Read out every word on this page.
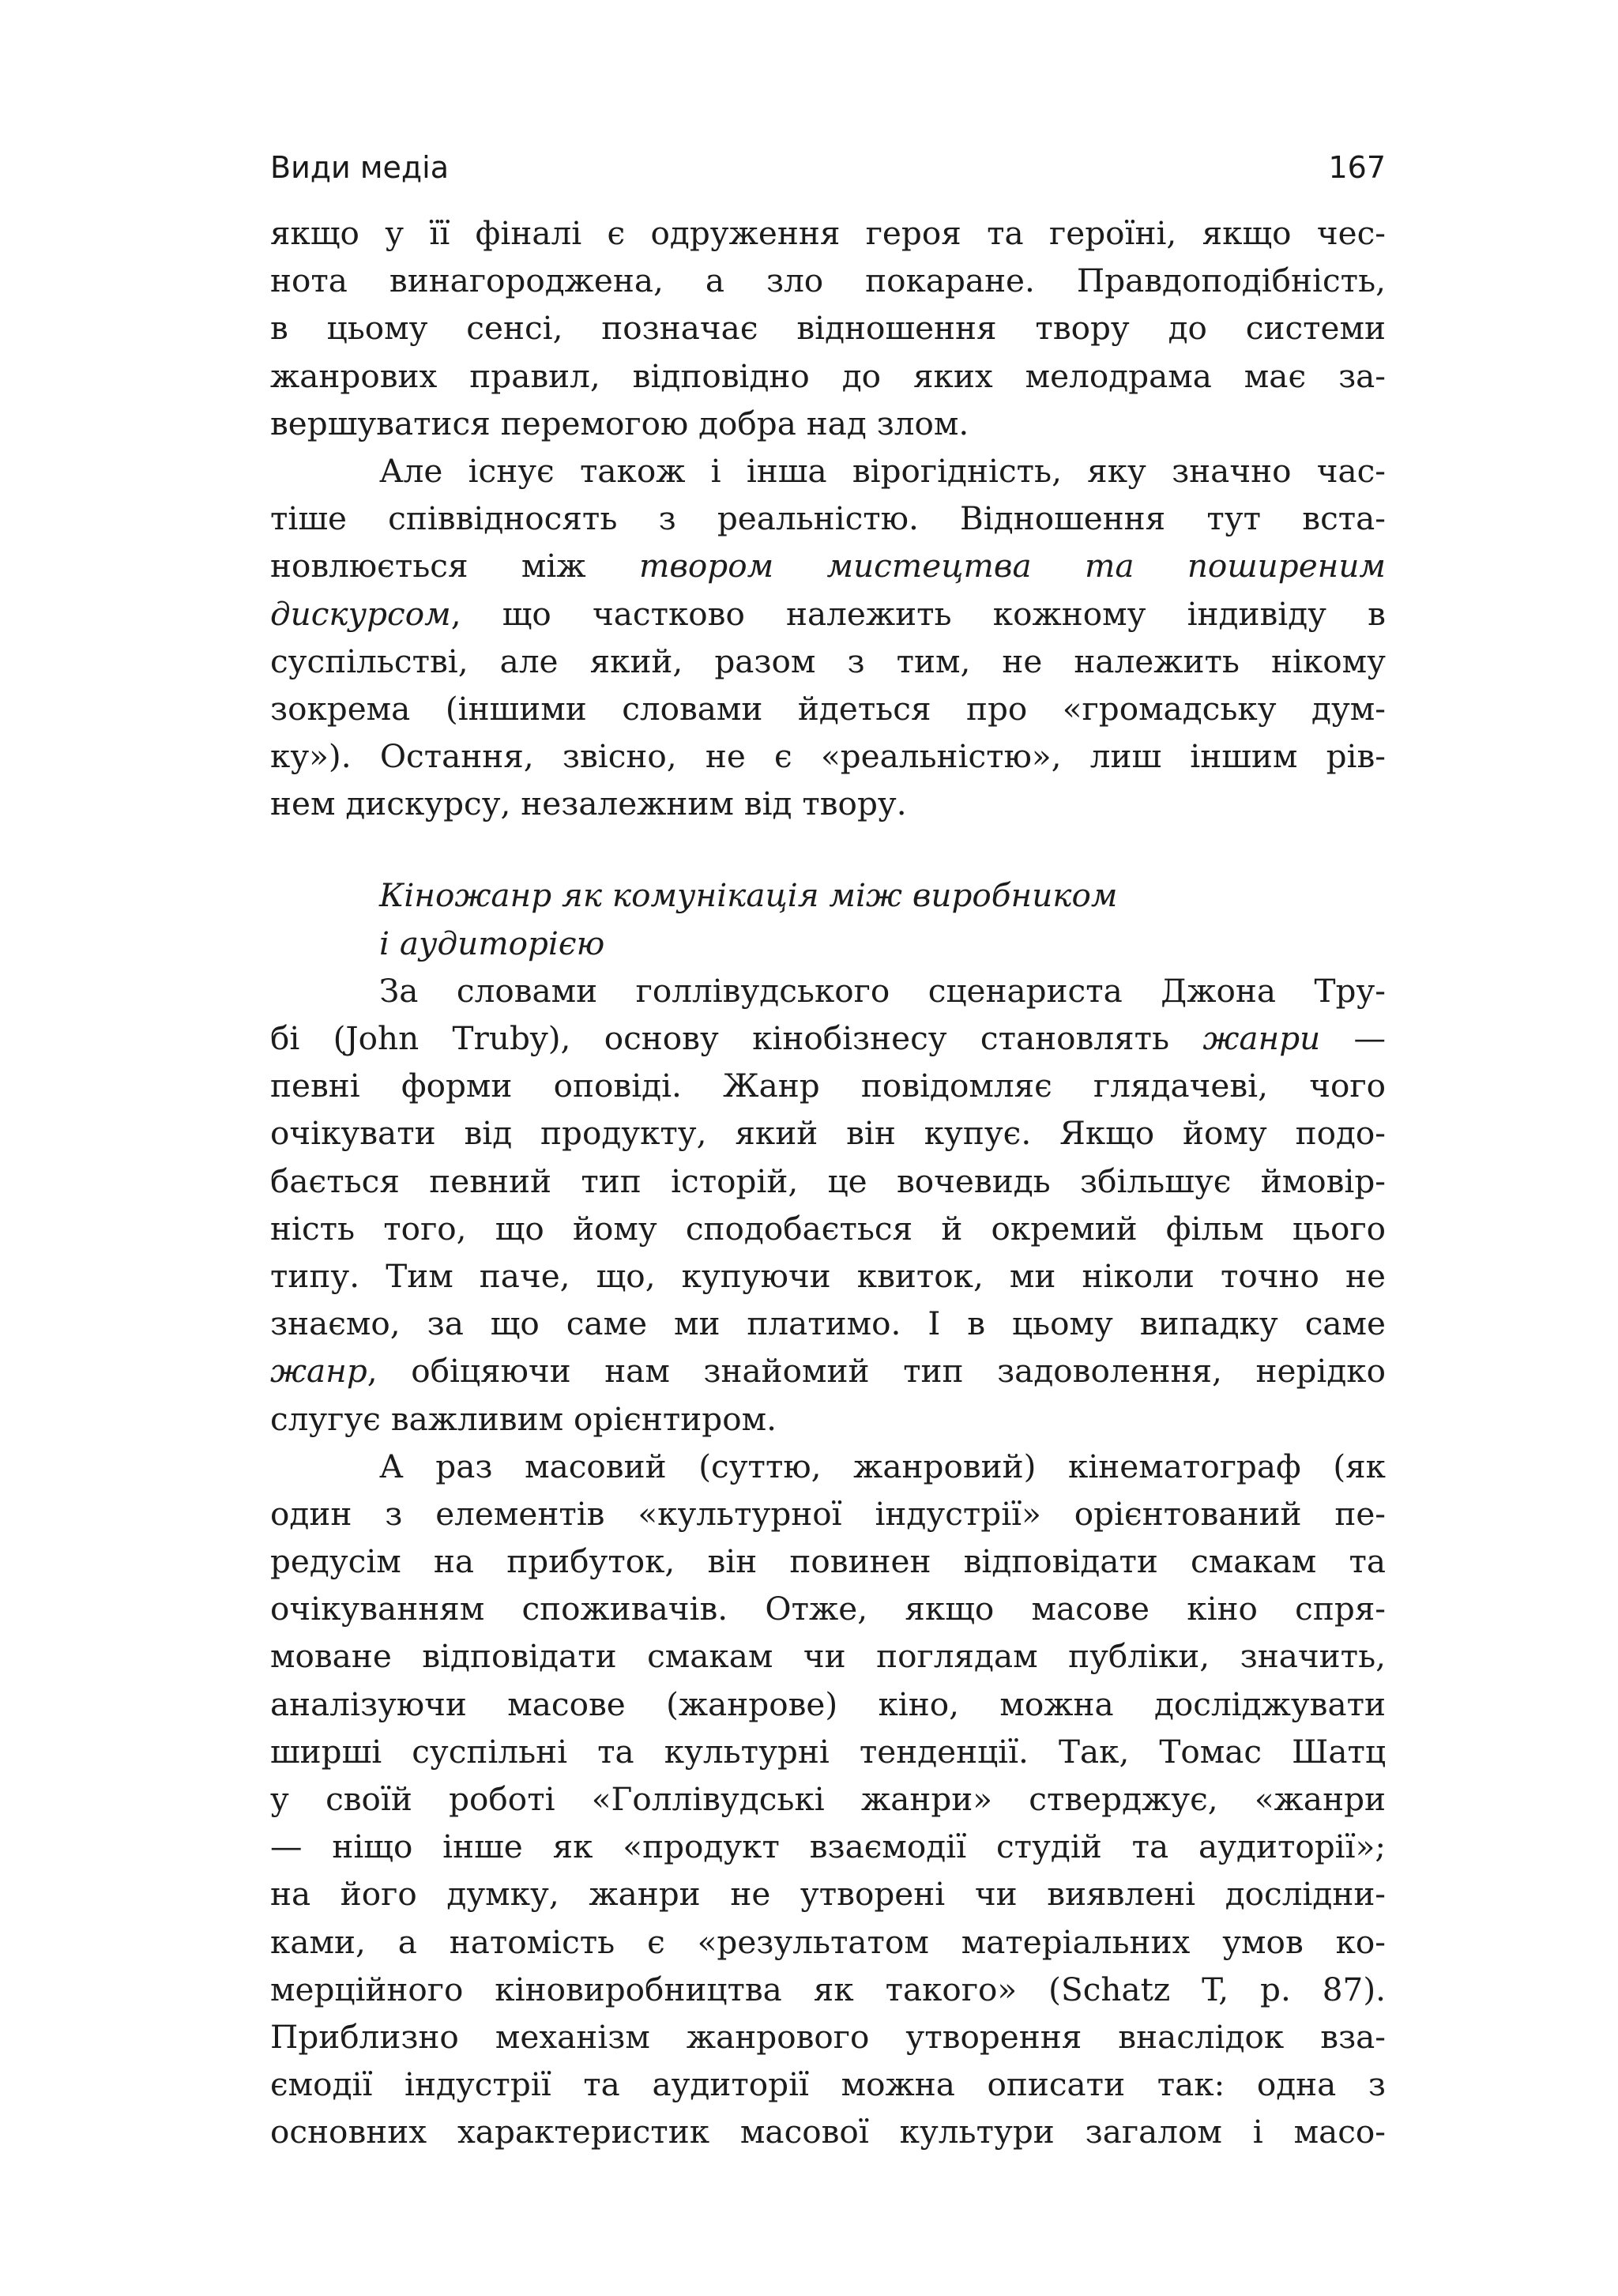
Види медіа	167
якщо у її фіналі є одруження героя та героїні, якщо чес-
нота винагороджена, а зло покаране. Правдоподібність,
в цьому сенсі, позначає відношення твору до системи
жанрових правил, відповідно до яких мелодрама має за-
вершуватися перемогою добра над злом.
Але існує також і інша вірогідність, яку значно час-
тіше співвідносять з реальністю. Відношення тут вста-
новлюється між твором мистецтва та поширеним
дискурсом, що частково належить кожному індивіду в
суспільстві, але який, разом з тим, не належить нікому
зокрема (іншими словами йдеться про «громадську дум-
ку»). Остання, звісно, не є «реальністю», лиш іншим рів-
нем дискурсу, незалежним від твору.
Кіножанр як комунікація між виробником
і аудиторією
За словами голлівудського сценариста Джона Тру-
бі (John Truby), основу кінобізнесу становлять жанри —
певні форми оповіді. Жанр повідомляє глядачеві, чого
очікувати від продукту, який він купує. Якщо йому подо-
бається певний тип історій, це вочевидь збільшує ймовір-
ність того, що йому сподобається й окремий фільм цього
типу. Тим паче, що, купуючи квиток, ми ніколи точно не
знаємо, за що саме ми платимо. І в цьому випадку саме
жанр, обіцяючи нам знайомий тип задоволення, нерідко
слугує важливим орієнтиром.
А раз масовий (суттю, жанровий) кінематограф (як
один з елементів «культурної індустрії» орієнтований пе-
редусім на прибуток, він повинен відповідати смакам та
очікуванням споживачів. Отже, якщо масове кіно спря-
моване відповідати смакам чи поглядам публіки, значить,
аналізуючи масове (жанрове) кіно, можна досліджувати
ширші суспільні та культурні тенденції. Так, Томас Шатц
у своїй роботі «Голлівудські жанри» стверджує, «жанри
— ніщо інше як «продукт взаємодії студій та аудиторії»;
на його думку, жанри не утворені чи виявлені дослідни-
ками, а натомість є «результатом матеріальних умов ко-
мерційного кіновиробництва як такого» (Schatz T, p. 87).
Приблизно механізм жанрового утворення внаслідок вза-
ємодії індустрії та аудиторії можна описати так: одна з
основних характеристик масової культури загалом і масо-
